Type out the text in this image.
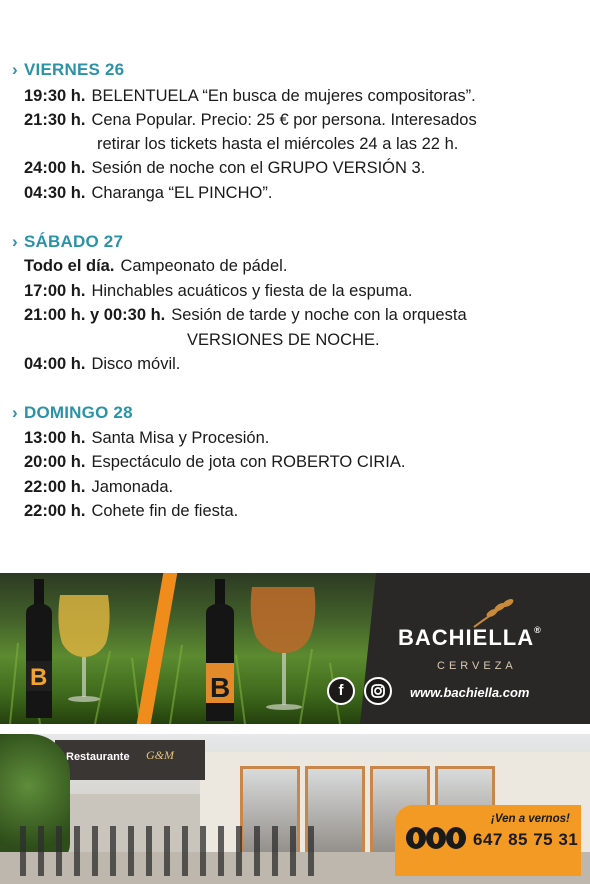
› VIERNES 26
19:30 h. BELENTUELA “En busca de mujeres compositoras”.
21:30 h. Cena Popular. Precio: 25 € por persona. Interesados
retirar los tickets hasta el miércoles 24 a las 22 h.
24:00 h. Sesión de noche con el GRUPO VERSIÓN 3.
04:30 h. Charanga “EL PINCHO”.
› SÁBADO 27
Todo el día. Campeonato de pádel.
17:00 h. Hinchables acuáticos y fiesta de la espuma.
21:00 h. y 00:30 h. Sesión de tarde y noche con la orquesta
VERSIONES DE NOCHE.
04:00 h. Disco móvil.
› DOMINGO 28
13:00 h. Santa Misa y Procesión.
20:00 h. Espectáculo de jota con ROBERTO CIRIA.
22:00 h. Jamonada.
22:00 h. Cohete fin de fiesta.
B	B
BACHIELLA®
CERVEZA
f	www.bachiella.com
Restaurante G&M
¡Ven a vernos!
647 85 75 31
